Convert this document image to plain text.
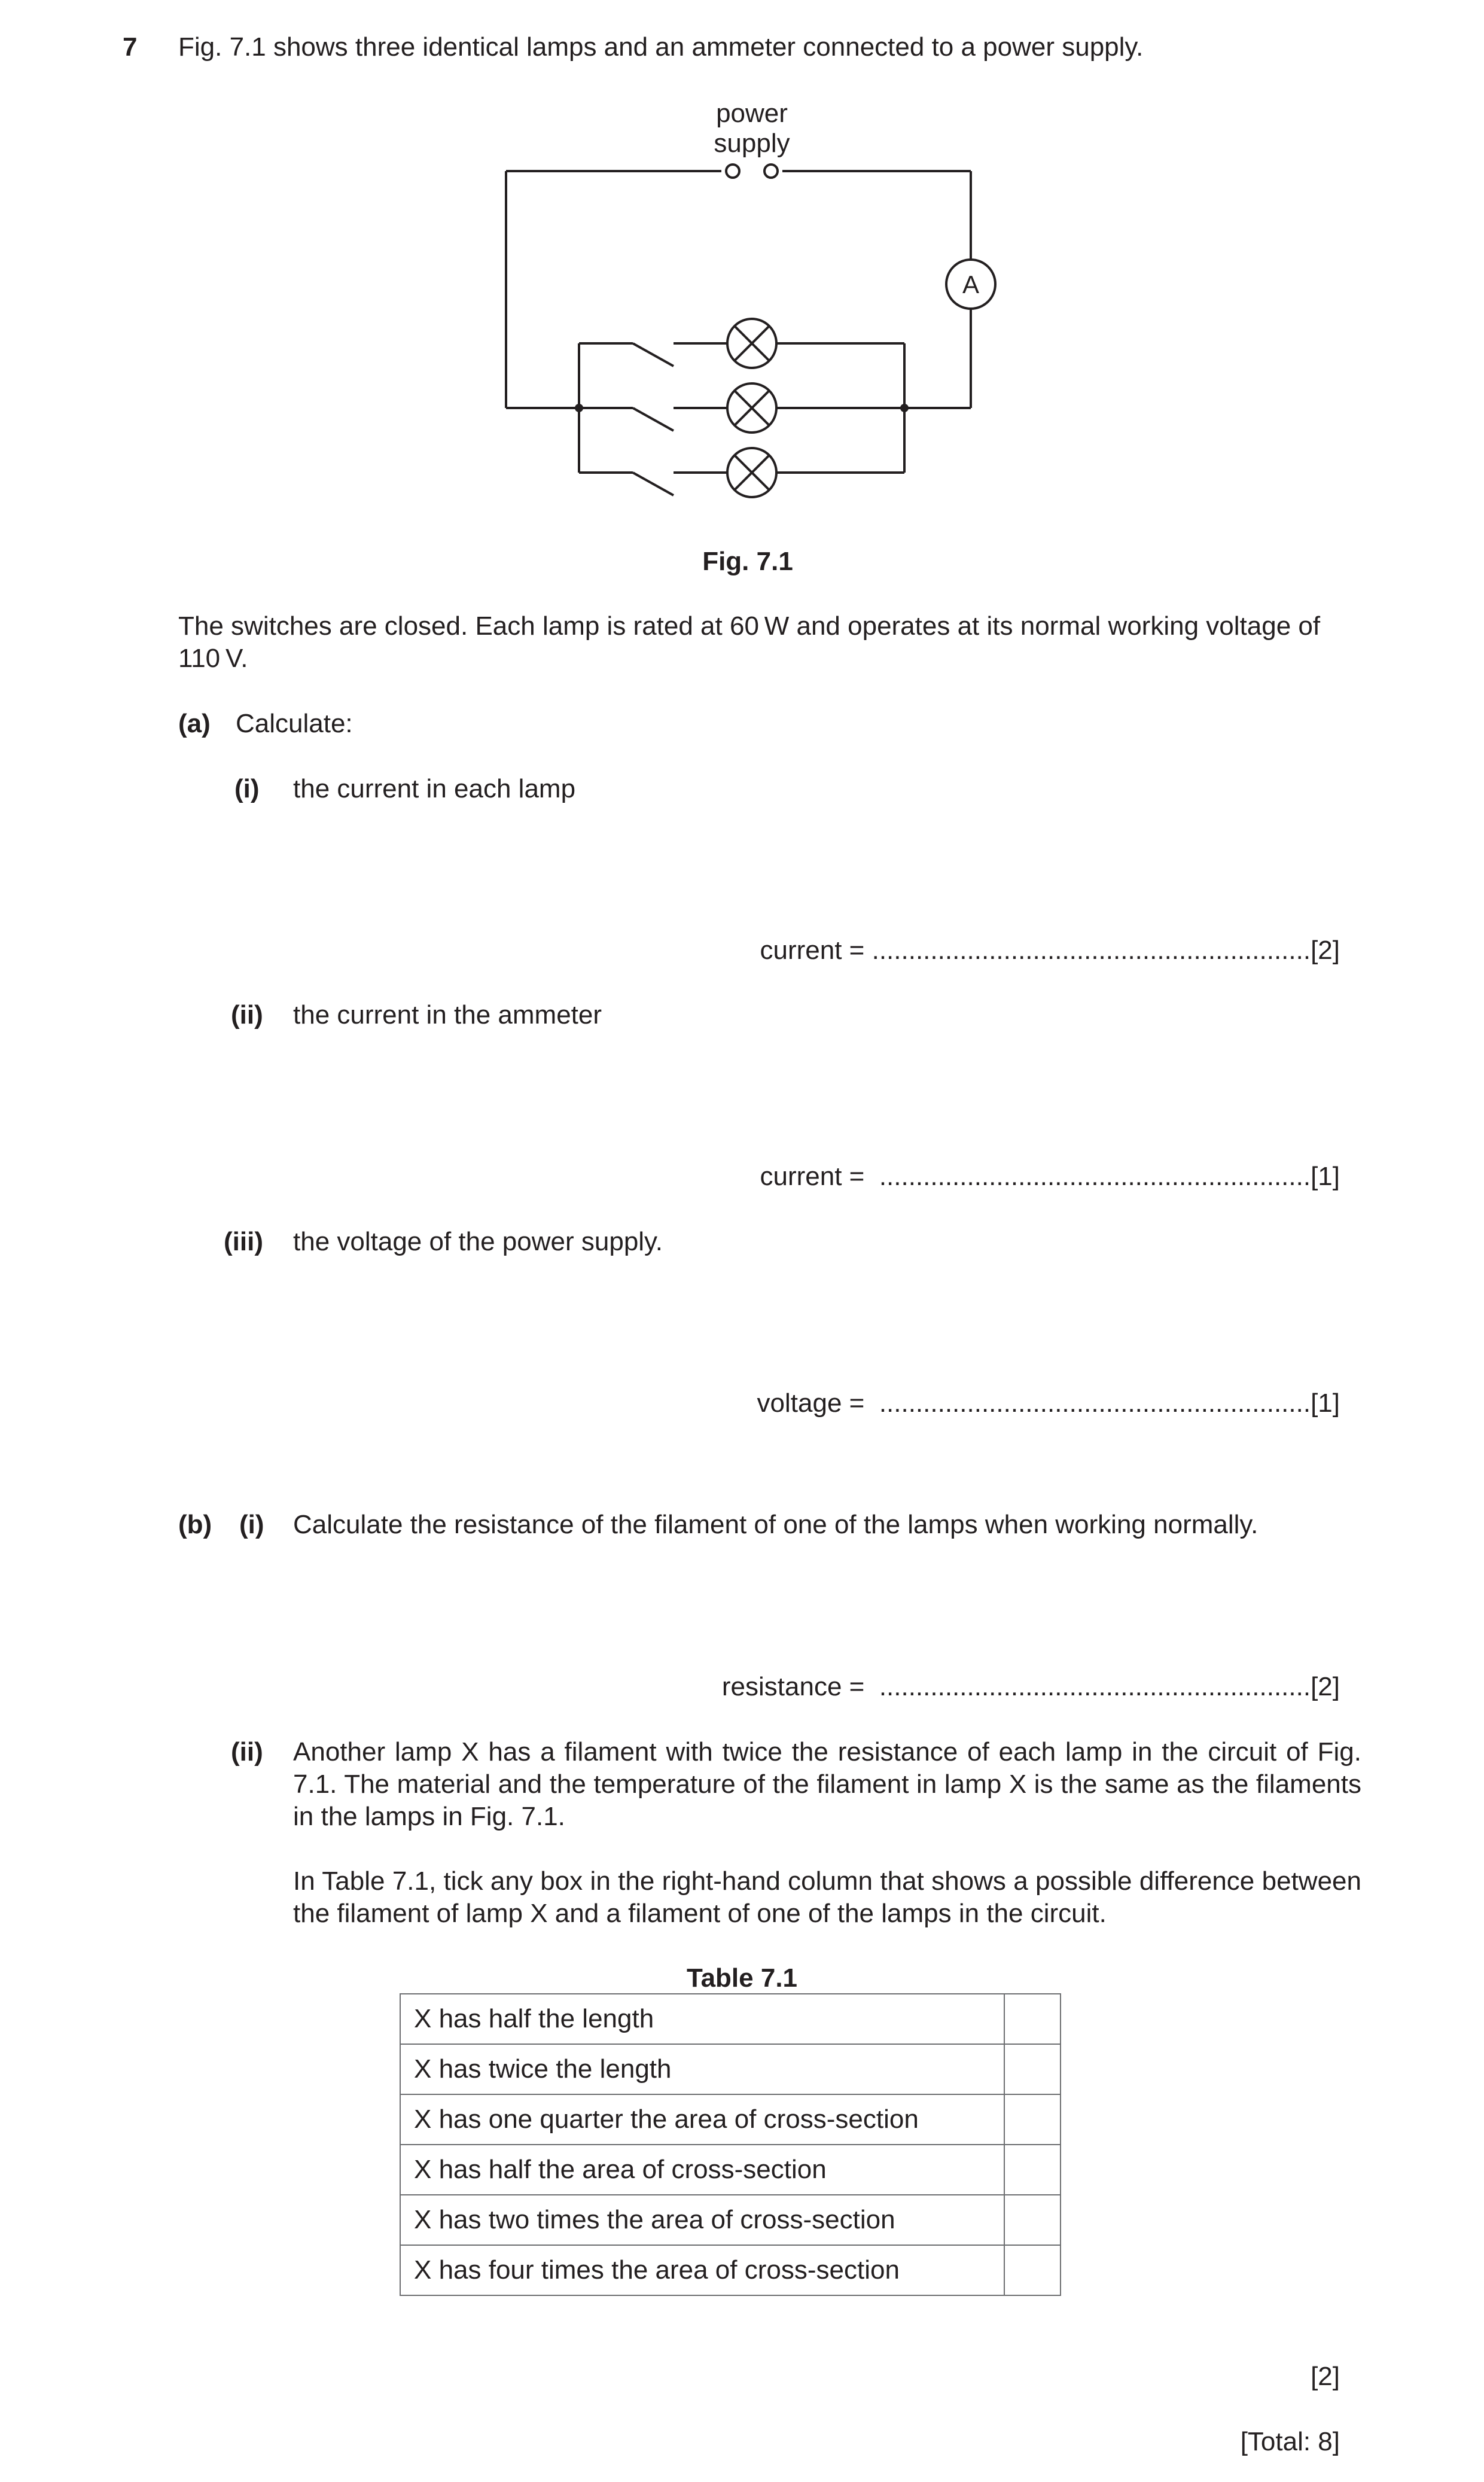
7 Fig. 7.1 shows three identical lamps and an ammeter connected to a power supply.
power
supply
A
Fig. 7.1
The switches are closed. Each lamp is rated at 60 W and operates at its normal working voltage of
110 V.
(a) Calculate:
(i) the current in each lamp
current = ............................................................[2]
(ii) the current in the ammeter
current = ...........................................................[1]
(iii) the voltage of the power supply.
voltage = ...........................................................[1]
(b) (i) Calculate the resistance of the filament of one of the lamps when working normally.
resistance = ...........................................................[2]
(ii) Another lamp X has a filament with twice the resistance of each lamp in the circuit of Fig. 7.1. The material and the temperature of the filament in lamp X is the same as the filaments in the lamps in Fig. 7.1.
In Table 7.1, tick any box in the right-hand column that shows a possible difference between the filament of lamp X and a filament of one of the lamps in the circuit.
Table 7.1
X has half the length	
X has twice the length	
X has one quarter the area of cross-section	
X has half the area of cross-section	
X has two times the area of cross-section	
X has four times the area of cross-section	
[2]
[Total: 8]
